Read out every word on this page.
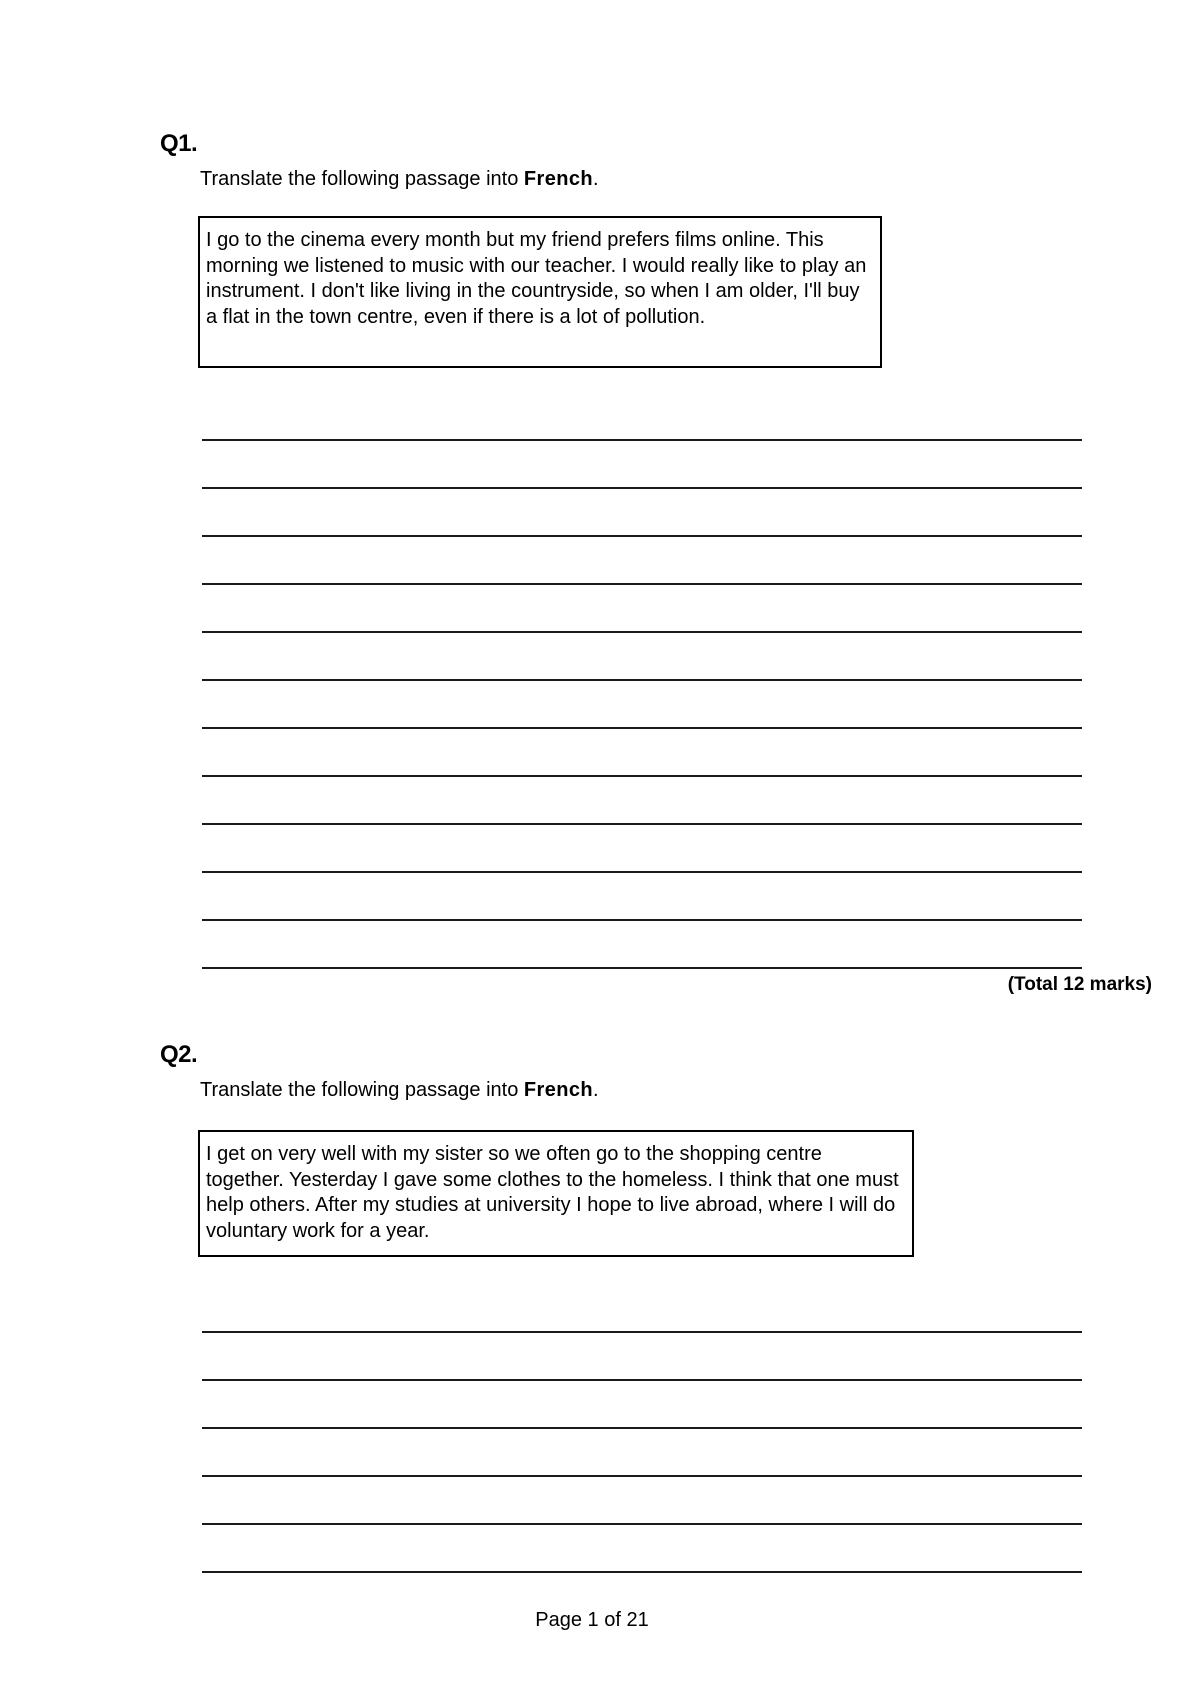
Q1.

Translate the following passage into French.

I go to the cinema every month but my friend prefers films online. This morning we listened to music with our teacher. I would really like to play an instrument. I don't like living in the countryside, so when I am older, I'll buy a flat in the town centre, even if there is a lot of pollution.

(Total 12 marks)

Q2.

Translate the following passage into French.

I get on very well with my sister so we often go to the shopping centre together. Yesterday I gave some clothes to the homeless. I think that one must help others. After my studies at university I hope to live abroad, where I will do voluntary work for a year.
Page 1 of 21
